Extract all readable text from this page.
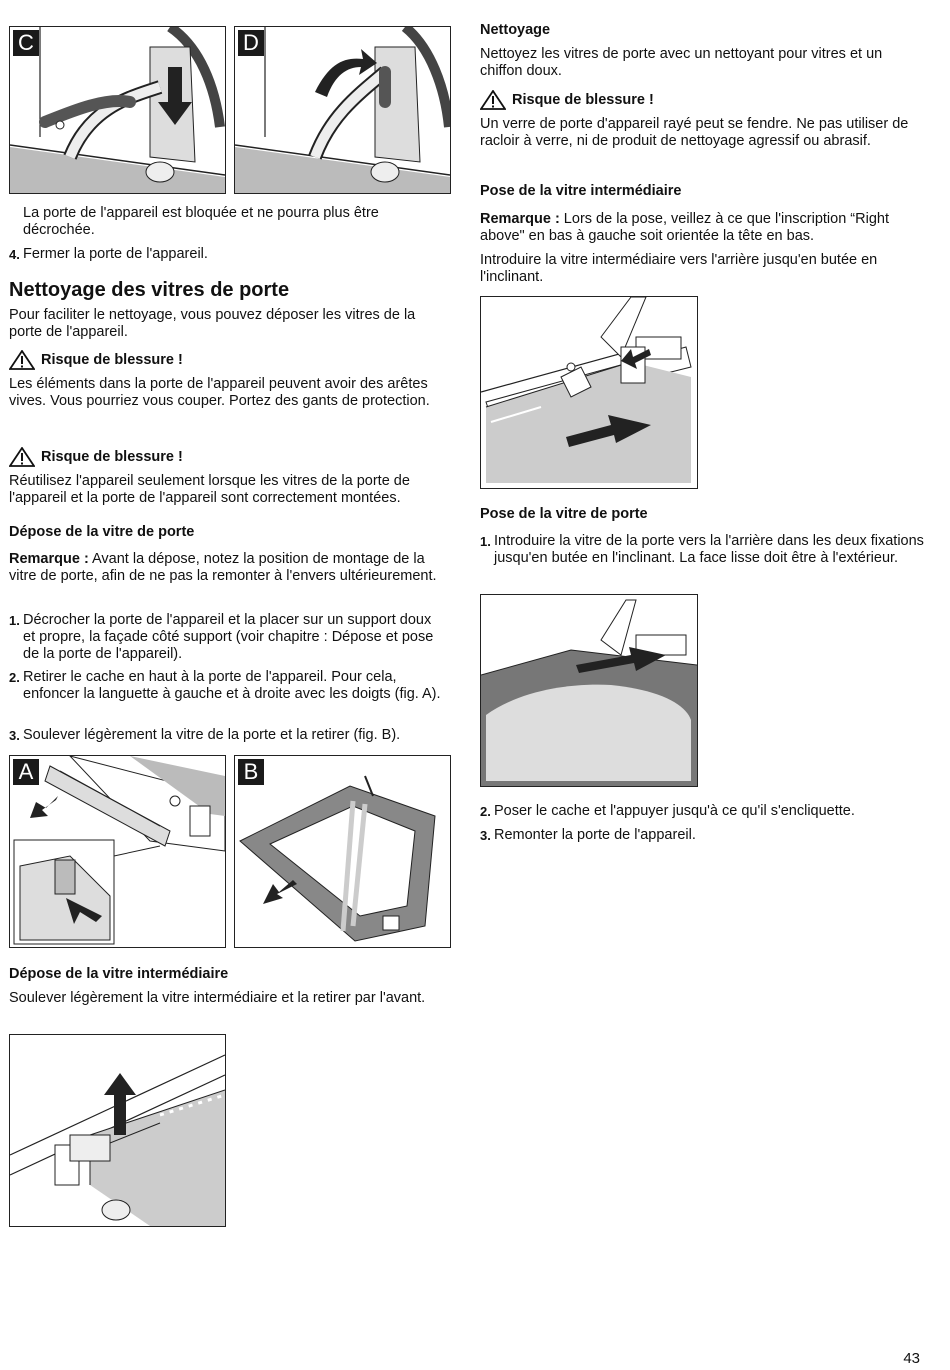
C	D

La porte de l'appareil est bloquée et ne pourra plus être décrochée.

4. Fermer la porte de l'appareil.
Nettoyage des vitres de porte

Pour faciliter le nettoyage, vous pouvez déposer les vitres de la porte de l'appareil.

Risque de blessure !

Les éléments dans la porte de l'appareil peuvent avoir des arêtes vives. Vous pourriez vous couper. Portez des gants de protection.

Risque de blessure !

Réutilisez l'appareil seulement lorsque les vitres de la porte de l'appareil et la porte de l'appareil sont correctement montées.

Dépose de la vitre de porte

Remarque : Avant la dépose, notez la position de montage de la vitre de porte, afin de ne pas la remonter à l'envers ultérieurement.

1. Décrocher la porte de l'appareil et la placer sur un support doux et propre, la façade côté support (voir chapitre : Dépose et pose de la porte de l'appareil).
2. Retirer le cache en haut à la porte de l'appareil. Pour cela, enfoncer la languette à gauche et à droite avec les doigts (fig. A).
3. Soulever légèrement la vitre de la porte et la retirer (fig. B).
A	B
Dépose de la vitre intermédiaire

Soulever légèrement la vitre intermédiaire et la retirer par l'avant.

Nettoyage

Nettoyez les vitres de porte avec un nettoyant pour vitres et un chiffon doux.

Risque de blessure !

Un verre de porte d'appareil rayé peut se fendre. Ne pas utiliser de racloir à verre, ni de produit de nettoyage agressif ou abrasif.

Pose de la vitre intermédiaire

Remarque : Lors de la pose, veillez à ce que l'inscription “Right above" en bas à gauche soit orientée la tête en bas.

Introduire la vitre intermédiaire vers l'arrière jusqu'en butée en l'inclinant.

Pose de la vitre de porte
1. Introduire la vitre de la porte vers la l'arrière dans les deux fixations jusqu'en butée en l'inclinant. La face lisse doit être à l'extérieur.
2. Poser le cache et l'appuyer jusqu'à ce qu'il s'encliquette.
3. Remonter la porte de l'appareil.
43
